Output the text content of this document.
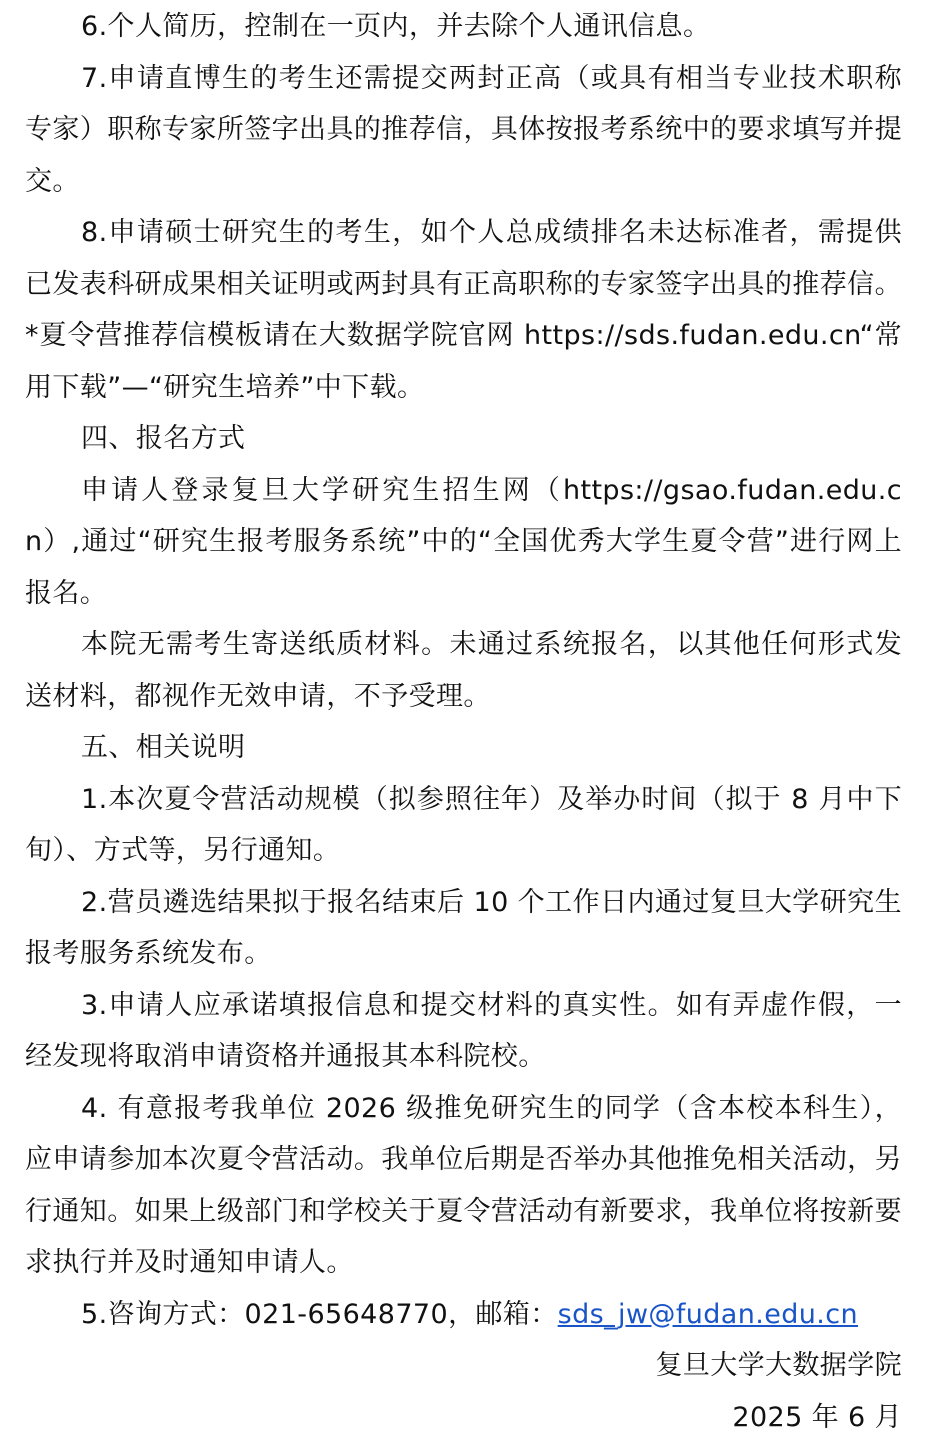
6.个人简历，控制在一页内，并去除个人通讯信息。

7.申请直博生的考生还需提交两封正高（或具有相当专业技术职称专家）职称专家所签字出具的推荐信，具体按报考系统中的要求填写并提交。

8.申请硕士研究生的考生，如个人总成绩排名未达标准者，需提供已发表科研成果相关证明或两封具有正高职称的专家签字出具的推荐信。*夏令营推荐信模板请在大数据学院官网 https://sds.fudan.edu.cn“常用下载”—“研究生培养”中下载。

四、报名方式

申请人登录复旦大学研究生招生网（https://gsao.fudan.edu.cn）,通过“研究生报考服务系统”中的“全国优秀大学生夏令营”进行网上报名。

本院无需考生寄送纸质材料。未通过系统报名，以其他任何形式发送材料，都视作无效申请，不予受理。

五、相关说明

1.本次夏令营活动规模（拟参照往年）及举办时间（拟于 8 月中下旬）、方式等，另行通知。

2.营员遴选结果拟于报名结束后 10 个工作日内通过复旦大学研究生报考服务系统发布。

3.申请人应承诺填报信息和提交材料的真实性。如有弄虚作假，一经发现将取消申请资格并通报其本科院校。

4. 有意报考我单位 2026 级推免研究生的同学（含本校本科生），应申请参加本次夏令营活动。我单位后期是否举办其他推免相关活动，另行通知。如果上级部门和学校关于夏令营活动有新要求，我单位将按新要求执行并及时通知申请人。

5.咨询方式：021-65648770，邮箱：sds_jw@fudan.edu.cn

复旦大学大数据学院
2025 年 6 月
